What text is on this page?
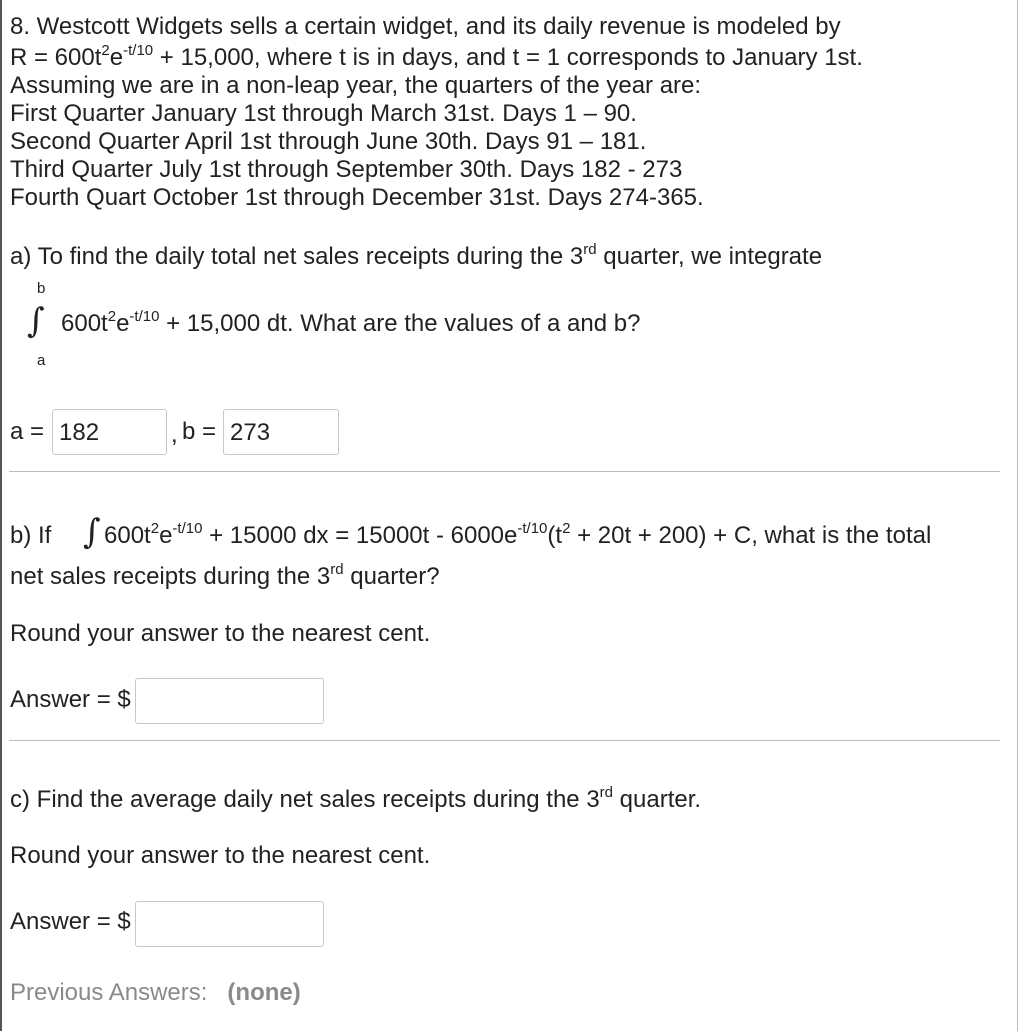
8. Westcott Widgets sells a certain widget, and its daily revenue is modeled by
$R = 600t^2e^{-t/10} + 15,000$, where t is in days, and t = 1 corresponds to January 1st.
Assuming we are in a non-leap year, the quarters of the year are:
First Quarter January 1st through March 31st. Days 1 – 90.
Second Quarter April 1st through June 30th. Days 91 – 181.
Third Quarter July 1st through September 30th. Days 182 - 273
Fourth Quart October 1st through December 31st. Days 274-365.
a) To find the daily total net sales receipts during the 3rd quarter, we integrate
b
∫
a
$600t^2e^{-t/10} + 15,000$ dt. What are the values of a and b?
a = 182	, b = 273
b) If ∫ $600t^2e^{-t/10} + 15000$ dx = $15000t - 6000e^{-t/10}(t^2 + 20t + 200) + C$, what is the total
net sales receipts during the 3rd quarter?
Round your answer to the nearest cent.
Answer = $
c) Find the average daily net sales receipts during the 3rd quarter.
Round your answer to the nearest cent.
Answer = $
Previous Answers: (none)
